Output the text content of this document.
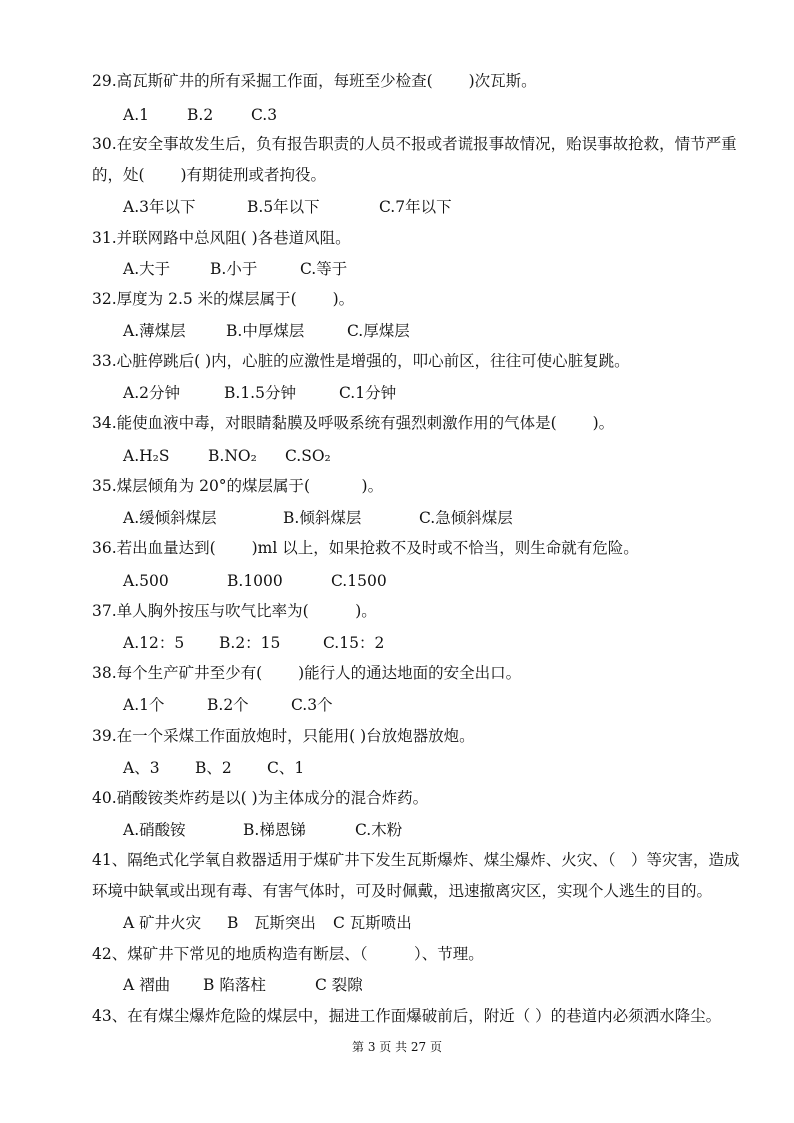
29.高瓦斯矿井的所有采掘工作面，每班至少检查(　　 )次瓦斯。
A.1 B.2 C.3
30.在安全事故发生后，负有报告职责的人员不报或者谎报事故情况，贻误事故抢救，情节严重的，处(　　 )有期徒刑或者拘役。
A.3年以下	B.5年以下	C.7年以下
31.并联网路中总风阻( )各巷道风阻。
A.大于	B.小于	C.等于
32.厚度为 2.5 米的煤层属于(　　 )。
A.薄煤层	B.中厚煤层	C.厚煤层
33.心脏停跳后( )内，心脏的应激性是增强的，叩心前区，往往可使心脏复跳。
A.2分钟	B.1.5分钟	C.1分钟
34.能使血液中毒，对眼睛黏膜及呼吸系统有强烈刺激作用的气体是(　　 )。
A.H₂S B.NO₂ C.SO₂
35.煤层倾角为 20°的煤层属于(　　　 )。
A.缓倾斜煤层	B.倾斜煤层	C.急倾斜煤层
36.若出血量达到(　　 )ml 以上，如果抢救不及时或不恰当，则生命就有危险。
A.500	B.1000	C.1500
37.单人胸外按压与吹气比率为(　　　)。
A.12：5 B.2：15	C.15：2
38.每个生产矿井至少有(　　 )能行人的通达地面的安全出口。
A.1个	B.2个	C.3个
39.在一个采煤工作面放炮时，只能用( )台放炮器放炮。
A、3 B、2 C、1
40.硝酸铵类炸药是以( )为主体成分的混合炸药。
A.硝酸铵	B.梯恩锑	C.木粉
41、隔绝式化学氧自救器适用于煤矿井下发生瓦斯爆炸、煤尘爆炸、火灾、（　）等灾害，造成环境中缺氧或出现有毒、有害气体时，可及时佩戴，迅速撤离灾区，实现个人逃生的目的。
A 矿井火灾 B　瓦斯突出 C 瓦斯喷出
42、煤矿井下常见的地质构造有断层、（　　　）、节理。
A 褶曲 B 陷落柱	C 裂隙
43、在有煤尘爆炸危险的煤层中，掘进工作面爆破前后，附近（ ）的巷道内必须洒水降尘。
第 3 页 共 27 页
